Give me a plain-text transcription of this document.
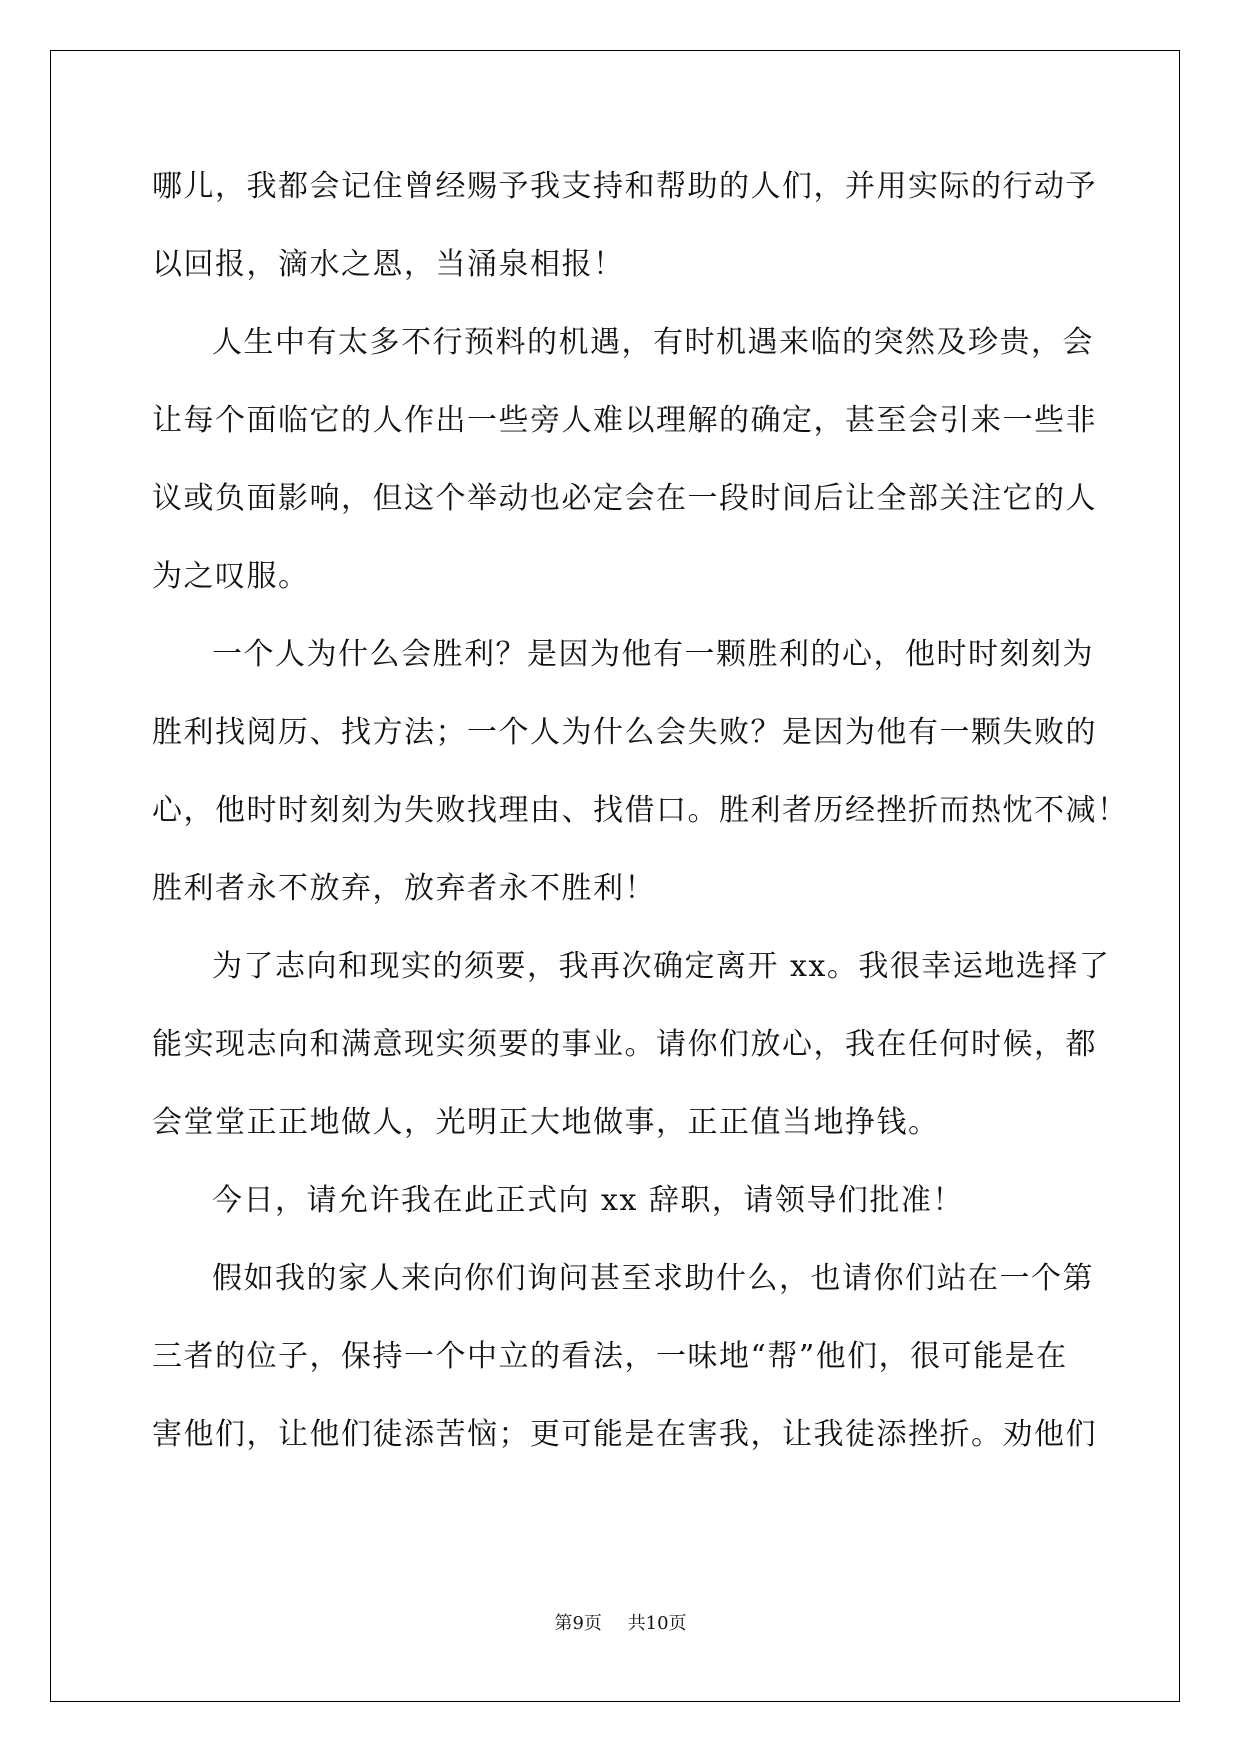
哪儿，我都会记住曾经赐予我支持和帮助的人们，并用实际的行动予
以回报，滴水之恩，当涌泉相报！
人生中有太多不行预料的机遇，有时机遇来临的突然及珍贵，会
让每个面临它的人作出一些旁人难以理解的确定，甚至会引来一些非
议或负面影响，但这个举动也必定会在一段时间后让全部关注它的人
为之叹服。
一个人为什么会胜利？是因为他有一颗胜利的心，他时时刻刻为
胜利找阅历、找方法；一个人为什么会失败？是因为他有一颗失败的
心，他时时刻刻为失败找理由、找借口。胜利者历经挫折而热忱不减！
胜利者永不放弃，放弃者永不胜利！
为了志向和现实的须要，我再次确定离开 xx。我很幸运地选择了
能实现志向和满意现实须要的事业。请你们放心，我在任何时候，都
会堂堂正正地做人，光明正大地做事，正正值当地挣钱。
今日，请允许我在此正式向 xx 辞职，请领导们批准！
假如我的家人来向你们询问甚至求助什么，也请你们站在一个第
三者的位子，保持一个中立的看法，一味地“帮”他们，很可能是在
害他们，让他们徒添苦恼；更可能是在害我，让我徒添挫折。劝他们
第9页 共10页
